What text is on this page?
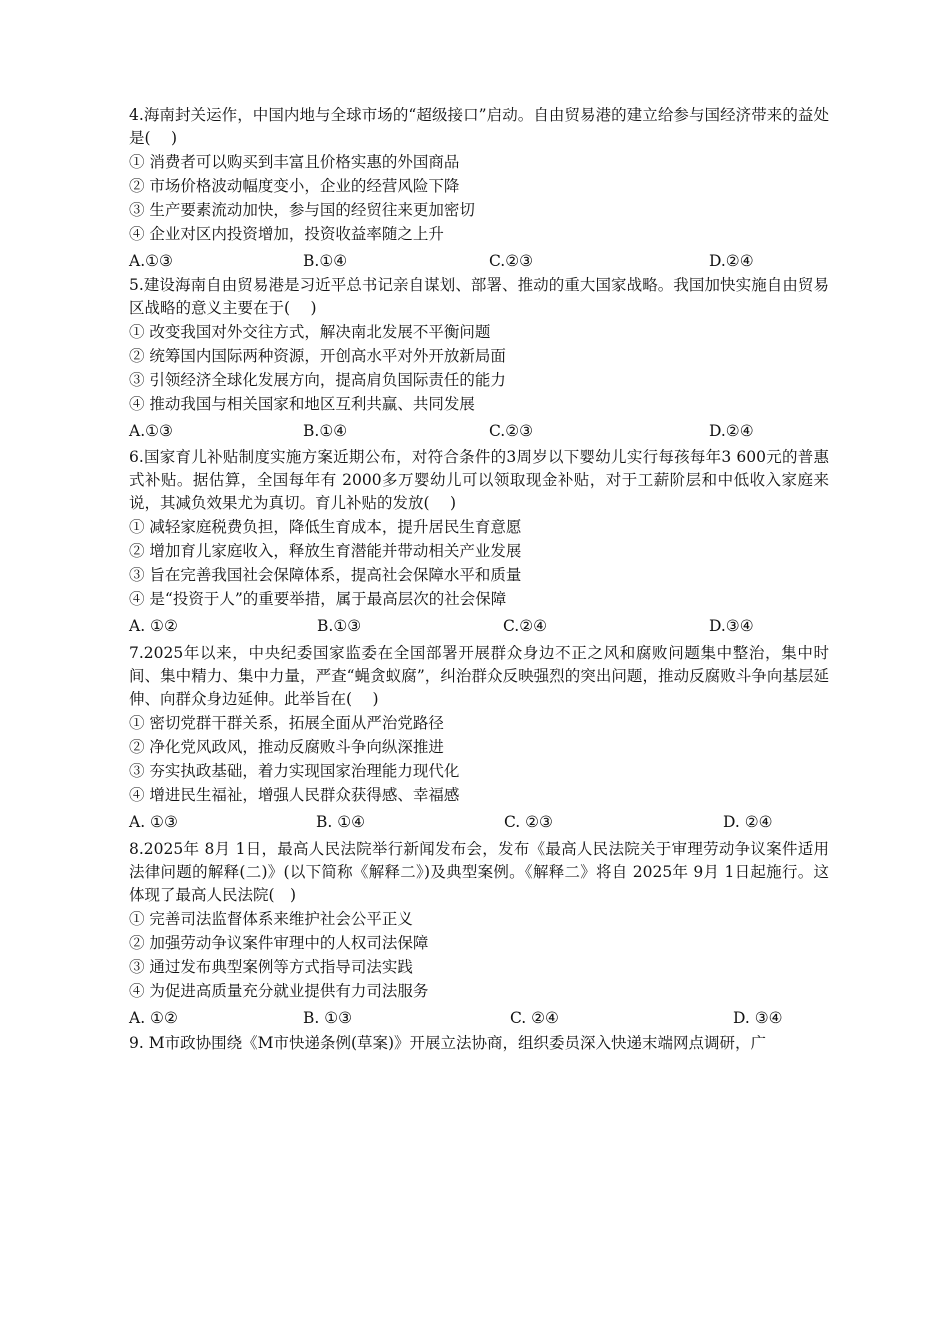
4.海南封关运作，中国内地与全球市场的“超级接口”启动。自由贸易港的建立给参与国经济带来的益处是(　 )

① 消费者可以购买到丰富且价格实惠的外国商品

② 市场价格波动幅度变小，企业的经营风险下降

③ 生产要素流动加快，参与国的经贸往来更加密切

④ 企业对区内投资增加，投资收益率随之上升

A.①③	B.①④	C.②③	D.②④

5.建设海南自由贸易港是习近平总书记亲自谋划、部署、推动的重大国家战略。我国加快实施自由贸易区战略的意义主要在于(　 )

① 改变我国对外交往方式，解决南北发展不平衡问题

② 统筹国内国际两种资源，开创高水平对外开放新局面

③ 引领经济全球化发展方向，提高肩负国际责任的能力

④ 推动我国与相关国家和地区互利共赢、共同发展

A.①③	B.①④	C.②③	D.②④

6.国家育儿补贴制度实施方案近期公布，对符合条件的3周岁以下婴幼儿实行每孩每年3 600元的普惠式补贴。据估算，全国每年有 2000多万婴幼儿可以领取现金补贴，对于工薪阶层和中低收入家庭来说，其减负效果尤为真切。育儿补贴的发放(　 )

① 减轻家庭税费负担，降低生育成本，提升居民生育意愿

② 增加育儿家庭收入，释放生育潜能并带动相关产业发展

③ 旨在完善我国社会保障体系，提高社会保障水平和质量

④ 是“投资于人”的重要举措，属于最高层次的社会保障

A. ①②	B.①③	C.②④	D.③④

7.2025年以来，中央纪委国家监委在全国部署开展群众身边不正之风和腐败问题集中整治，集中时间、集中精力、集中力量，严查“蝇贪蚁腐”，纠治群众反映强烈的突出问题，推动反腐败斗争向基层延伸、向群众身边延伸。此举旨在(　 )

① 密切党群干群关系，拓展全面从严治党路径

② 净化党风政风，推动反腐败斗争向纵深推进

③ 夯实执政基础，着力实现国家治理能力现代化

④ 增进民生福祉，增强人民群众获得感、幸福感

A. ①③	B. ①④	C. ②③	D. ②④

8.2025年 8月 1日，最高人民法院举行新闻发布会，发布《最高人民法院关于审理劳动争议案件适用法律问题的解释(二)》(以下简称《解释二》)及典型案例。《解释二》将自 2025年 9月 1日起施行。这体现了最高人民法院(　)

① 完善司法监督体系来维护社会公平正义

② 加强劳动争议案件审理中的人权司法保障

③ 通过发布典型案例等方式指导司法实践

④ 为促进高质量充分就业提供有力司法服务

A. ①②	B. ①③	C. ②④	D. ③④

9. M市政协围绕《M市快递条例(草案)》开展立法协商，组织委员深入快递末端网点调研，广
